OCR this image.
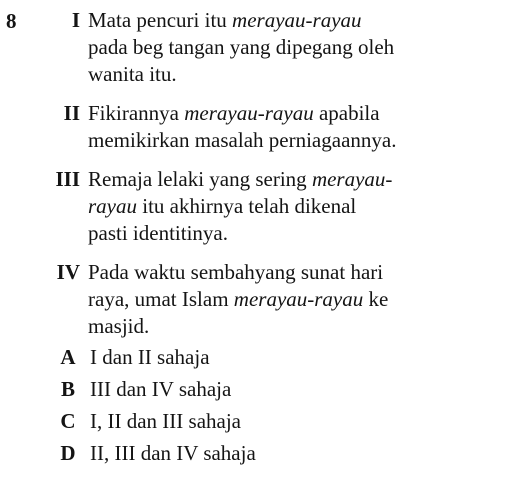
8	I Mata pencuri itu merayau-rayau
pada beg tangan yang dipegang oleh
wanita itu.
II Fikirannya merayau-rayau apabila
memikirkan masalah perniagaannya.
III Remaja lelaki yang sering merayau-
rayau itu akhirnya telah dikenal
pasti identitinya.
IV Pada waktu sembahyang sunat hari
raya, umat Islam merayau-rayau ke
masjid.
A I dan II sahaja
B III dan IV sahaja
C I, II dan III sahaja
D II, III dan IV sahaja
